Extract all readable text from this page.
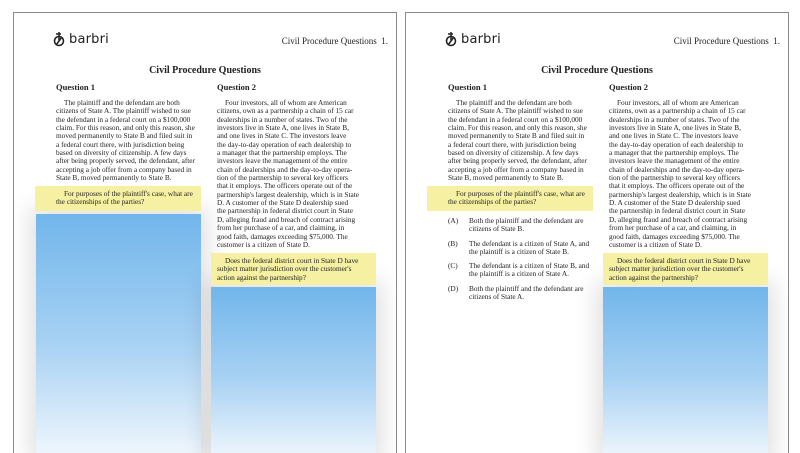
barbri	Civil Procedure Questions 1.
Civil Procedure Questions
Question 1
The plaintiff and the defendant are both
citizens of State A. The plaintiff wished to sue
the defendant in a federal court on a $100,000
claim. For this reason, and only this reason, she
moved permanently to State B and filed suit in
a federal court there, with jurisdiction being
based on diversity of citizenship. A few days
after being properly served, the defendant, after
accepting a job offer from a company based in
State B, moved permanently to State B.
For purposes of the plaintiff's case, what are
the citizenships of the parties?
Question 2
Four investors, all of whom are American
citizens, own as a partnership a chain of 15 car
dealerships in a number of states. Two of the
investors live in State A, one lives in State B,
and one lives in State C. The investors leave
the day-to-day operation of each dealership to
a manager that the partnership employs. The
investors leave the management of the entire
chain of dealerships and the day-to-day opera-
tion of the partnership to several key officers
that it employs. The officers operate out of the
partnership's largest dealership, which is in State
D. A customer of the State D dealership sued
the partnership in federal district court in State
D, alleging fraud and breach of contract arising
from her purchase of a car, and claiming, in
good faith, damages exceeding $75,000. The
customer is a citizen of State D.
Does the federal district court in State D have
subject matter jurisdiction over the customer's
action against the partnership?
barbri	Civil Procedure Questions 1.
Civil Procedure Questions
Question 1
The plaintiff and the defendant are both
citizens of State A. The plaintiff wished to sue
the defendant in a federal court on a $100,000
claim. For this reason, and only this reason, she
moved permanently to State B and filed suit in
a federal court there, with jurisdiction being
based on diversity of citizenship. A few days
after being properly served, the defendant, after
accepting a job offer from a company based in
State B, moved permanently to State B.
For purposes of the plaintiff's case, what are
the citizenships of the parties?
(A) Both the plaintiff and the defendant are
citizens of State B.
(B) The defendant is a citizen of State A, and
the plaintiff is a citizen of State B.
(C) The defendant is a citizen of State B, and
the plaintiff is a citizen of State A.
(D) Both the plaintiff and the defendant are
citizens of State A.
Question 2
Four investors, all of whom are American
citizens, own as a partnership a chain of 15 car
dealerships in a number of states. Two of the
investors live in State A, one lives in State B,
and one lives in State C. The investors leave
the day-to-day operation of each dealership to
a manager that the partnership employs. The
investors leave the management of the entire
chain of dealerships and the day-to-day opera-
tion of the partnership to several key officers
that it employs. The officers operate out of the
partnership's largest dealership, which is in State
D. A customer of the State D dealership sued
the partnership in federal district court in State
D, alleging fraud and breach of contract arising
from her purchase of a car, and claiming, in
good faith, damages exceeding $75,000. The
customer is a citizen of State D.
Does the federal district court in State D have
subject matter jurisdiction over the customer's
action against the partnership?
